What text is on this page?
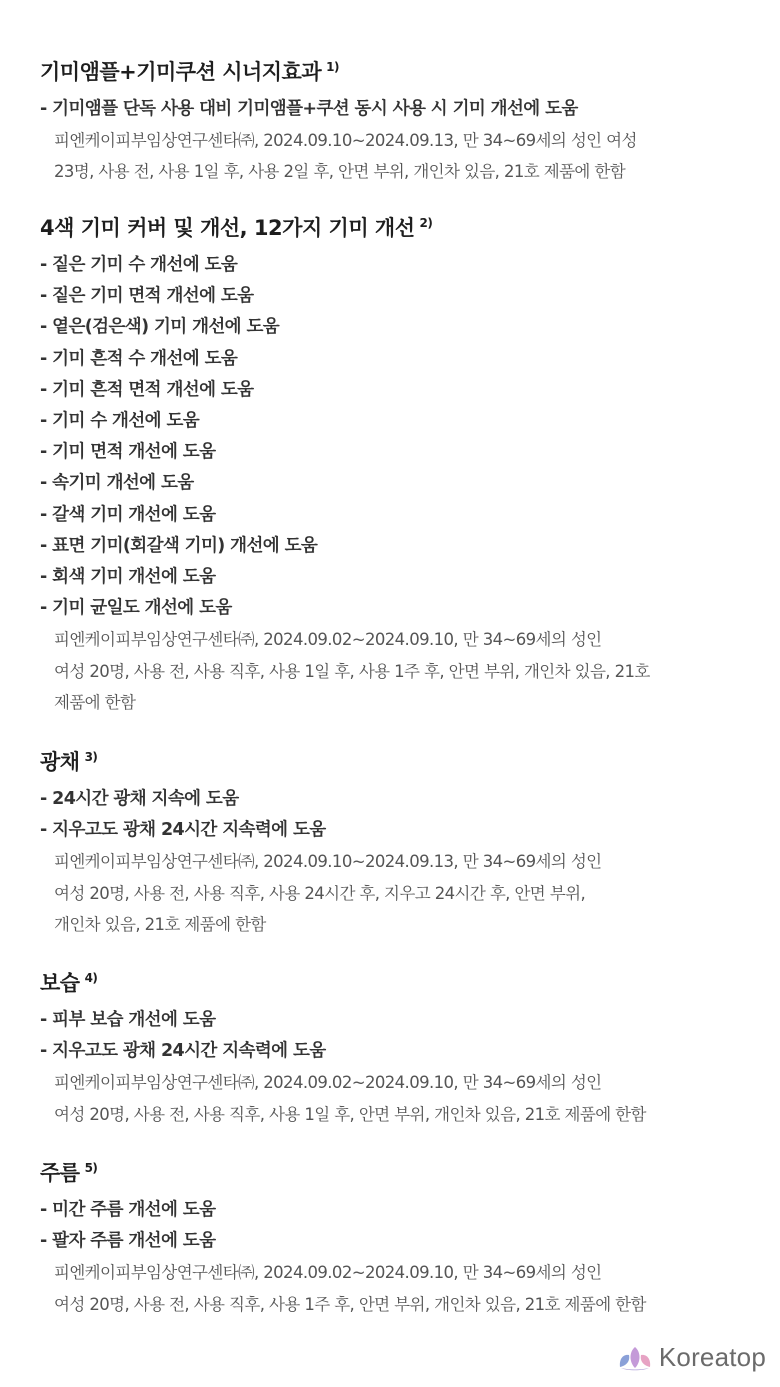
기미앰플+기미쿠션 시너지효과 $^{1)}$
- 기미앰플 단독 사용 대비 기미앰플+쿠션 동시 사용 시 기미 개선에 도움

피엔케이피부임상연구센타㈜, 2024.09.10~2024.09.13, 만 34~69세의 성인 여성
23명, 사용 전, 사용 1일 후, 사용 2일 후, 안면 부위, 개인차 있음, 21호 제품에 한함

4색 기미 커버 및 개선, 12가지 기미 개선 $^{2)}$
- 짙은 기미 수 개선에 도움
- 짙은 기미 면적 개선에 도움
- 옅은(검은색) 기미 개선에 도움
- 기미 흔적 수 개선에 도움
- 기미 흔적 면적 개선에 도움
- 기미 수 개선에 도움
- 기미 면적 개선에 도움
- 속기미 개선에 도움
- 갈색 기미 개선에 도움
- 표면 기미(회갈색 기미) 개선에 도움
- 회색 기미 개선에 도움
- 기미 균일도 개선에 도움

피엔케이피부임상연구센타㈜, 2024.09.02~2024.09.10, 만 34~69세의 성인
여성 20명, 사용 전, 사용 직후, 사용 1일 후, 사용 1주 후, 안면 부위, 개인차 있음, 21호
제품에 한함

광채 $^{3)}$
- 24시간 광채 지속에 도움
- 지우고도 광채 24시간 지속력에 도움

피엔케이피부임상연구센타㈜, 2024.09.10~2024.09.13, 만 34~69세의 성인
여성 20명, 사용 전, 사용 직후, 사용 24시간 후, 지우고 24시간 후, 안면 부위,
개인차 있음, 21호 제품에 한함

보습 $^{4)}$
- 피부 보습 개선에 도움
- 지우고도 광채 24시간 지속력에 도움

피엔케이피부임상연구센타㈜, 2024.09.02~2024.09.10, 만 34~69세의 성인
여성 20명, 사용 전, 사용 직후, 사용 1일 후, 안면 부위, 개인차 있음, 21호 제품에 한함

주름 $^{5)}$
- 미간 주름 개선에 도움
- 팔자 주름 개선에 도움

피엔케이피부임상연구센타㈜, 2024.09.02~2024.09.10, 만 34~69세의 성인
여성 20명, 사용 전, 사용 직후, 사용 1주 후, 안면 부위, 개인차 있음, 21호 제품에 한함

Koreatop
